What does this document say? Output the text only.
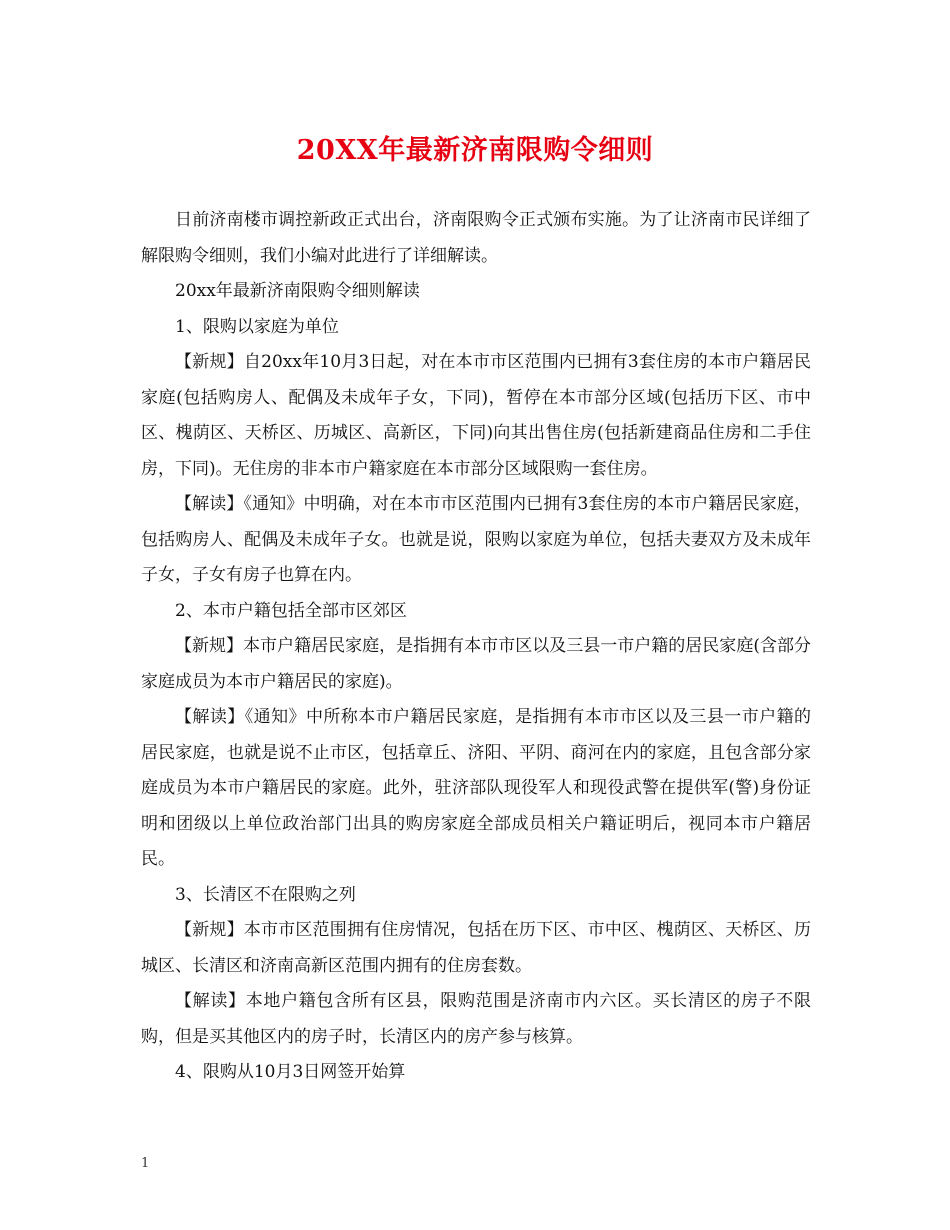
20XX年最新济南限购令细则

日前济南楼市调控新政正式出台，济南限购令正式颁布实施。为了让济南市民详细了解限购令细则，我们小编对此进行了详细解读。

20xx年最新济南限购令细则解读

1、限购以家庭为单位

【新规】自20xx年10月3日起，对在本市市区范围内已拥有3套住房的本市户籍居民家庭(包括购房人、配偶及未成年子女，下同)，暂停在本市部分区域(包括历下区、市中区、槐荫区、天桥区、历城区、高新区，下同)向其出售住房(包括新建商品住房和二手住房，下同)。无住房的非本市户籍家庭在本市部分区域限购一套住房。

【解读】《通知》中明确，对在本市市区范围内已拥有3套住房的本市户籍居民家庭，包括购房人、配偶及未成年子女。也就是说，限购以家庭为单位，包括夫妻双方及未成年子女，子女有房子也算在内。

2、本市户籍包括全部市区郊区

【新规】本市户籍居民家庭，是指拥有本市市区以及三县一市户籍的居民家庭(含部分家庭成员为本市户籍居民的家庭)。

【解读】《通知》中所称本市户籍居民家庭，是指拥有本市市区以及三县一市户籍的居民家庭，也就是说不止市区，包括章丘、济阳、平阴、商河在内的家庭，且包含部分家庭成员为本市户籍居民的家庭。此外，驻济部队现役军人和现役武警在提供军(警)身份证明和团级以上单位政治部门出具的购房家庭全部成员相关户籍证明后，视同本市户籍居民。

3、长清区不在限购之列

【新规】本市市区范围拥有住房情况，包括在历下区、市中区、槐荫区、天桥区、历城区、长清区和济南高新区范围内拥有的住房套数。

【解读】本地户籍包含所有区县，限购范围是济南市内六区。买长清区的房子不限购，但是买其他区内的房子时，长清区内的房产参与核算。

4、限购从10月3日网签开始算

1
